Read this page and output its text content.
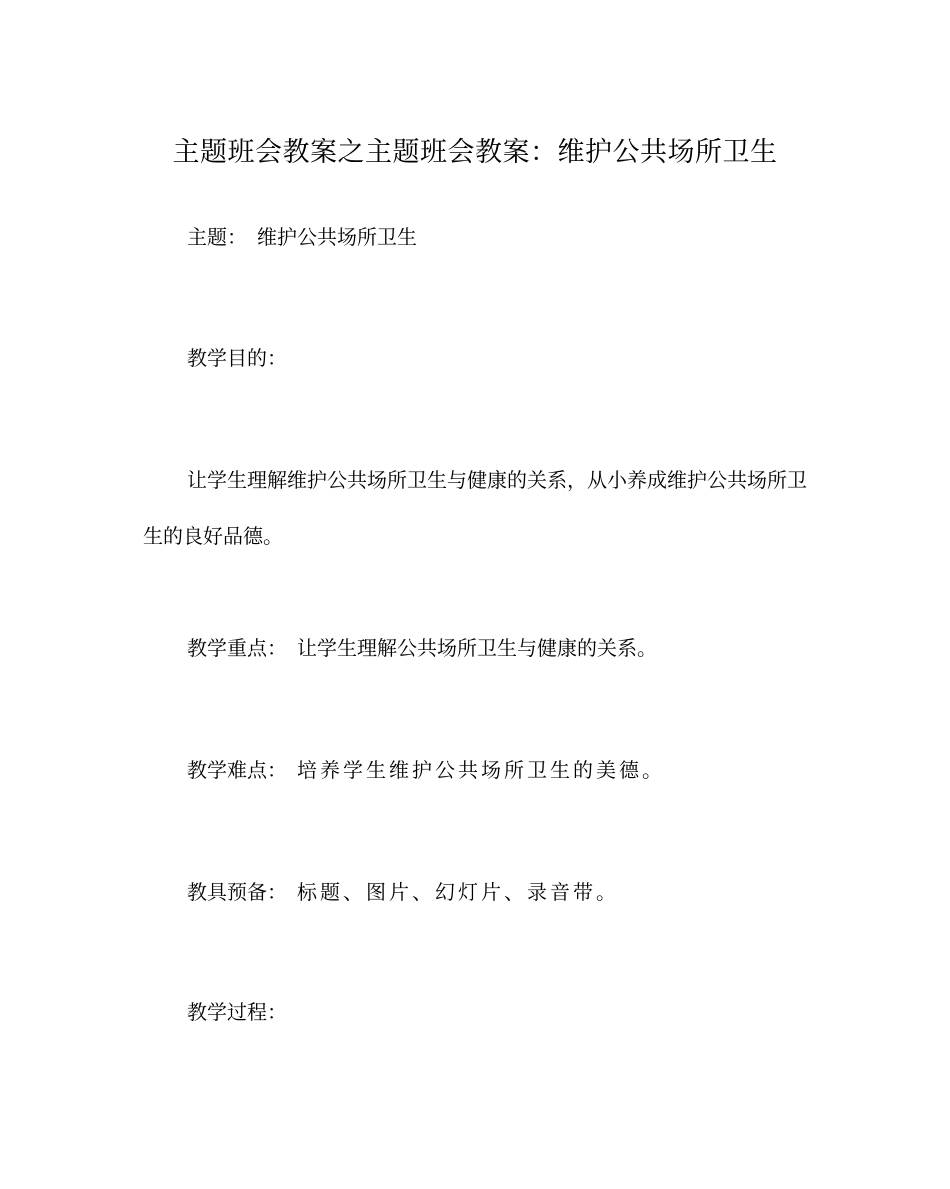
主题班会教案之主题班会教案：维护公共场所卫生
主题： 维护公共场所卫生
教学目的：
让学生理解维护公共场所卫生与健康的关系，从小养成维护公共场所卫生的良好品德。
教学重点： 让学生理解公共场所卫生与健康的关系。
教学难点： 培养学生维护公共场所卫生的美德。
教具预备： 标题、图片、幻灯片、录音带。
教学过程：
